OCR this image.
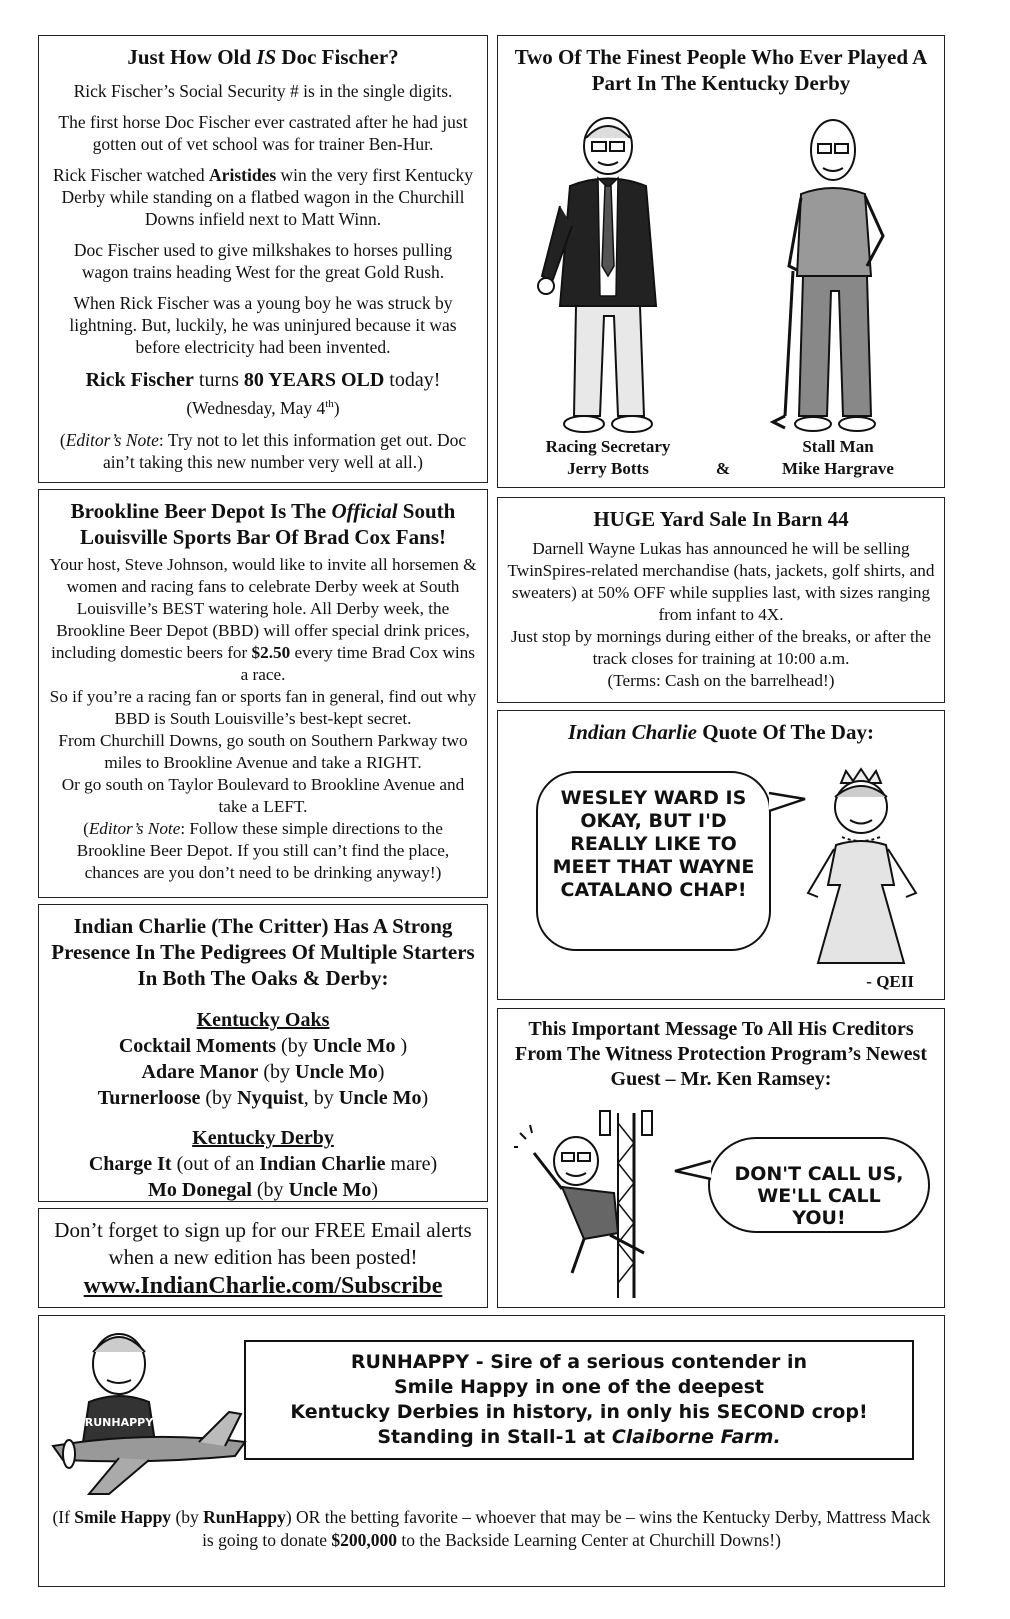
Just How Old IS Doc Fischer?
Rick Fischer’s Social Security # is in the single digits.
The first horse Doc Fischer ever castrated after he had just gotten out of vet school was for trainer Ben-Hur.
Rick Fischer watched Aristides win the very first Kentucky Derby while standing on a flatbed wagon in the Churchill Downs infield next to Matt Winn.
Doc Fischer used to give milkshakes to horses pulling wagon trains heading West for the great Gold Rush.
When Rick Fischer was a young boy he was struck by lightning. But, luckily, he was uninjured because it was before electricity had been invented.
Rick Fischer turns 80 YEARS OLD today!
(Wednesday, May 4th)
(Editor’s Note: Try not to let this information get out. Doc ain’t taking this new number very well at all.)
Two Of The Finest People Who Ever Played A Part In The Kentucky Derby
Racing Secretary
Jerry Botts	&
Stall Man
Mike Hargrave
Brookline Beer Depot Is The Official South Louisville Sports Bar Of Brad Cox Fans!
Your host, Steve Johnson, would like to invite all horsemen & women and racing fans to celebrate Derby week at South Louisville’s BEST watering hole. All Derby week, the Brookline Beer Depot (BBD) will offer special drink prices, including domestic beers for $2.50 every time Brad Cox wins a race.
So if you’re a racing fan or sports fan in general, find out why BBD is South Louisville’s best-kept secret.
From Churchill Downs, go south on Southern Parkway two miles to Brookline Avenue and take a RIGHT.
Or go south on Taylor Boulevard to Brookline Avenue and take a LEFT.
(Editor’s Note: Follow these simple directions to the Brookline Beer Depot. If you still can’t find the place, chances are you don’t need to be drinking anyway!)
HUGE Yard Sale In Barn 44
Darnell Wayne Lukas has announced he will be selling TwinSpires-related merchandise (hats, jackets, golf shirts, and sweaters) at 50% OFF while supplies last, with sizes ranging from infant to 4X.
Just stop by mornings during either of the breaks, or after the track closes for training at 10:00 a.m.
(Terms: Cash on the barrelhead!)
Indian Charlie Quote Of The Day:
WESLEY WARD IS OKAY, BUT I'D REALLY LIKE TO MEET THAT WAYNE CATALANO CHAP!
- QEII
Indian Charlie (The Critter) Has A Strong Presence In The Pedigrees Of Multiple Starters In Both The Oaks & Derby:
Kentucky Oaks
Cocktail Moments (by Uncle Mo )
Adare Manor (by Uncle Mo)
Turnerloose (by Nyquist, by Uncle Mo)
Kentucky Derby
Charge It (out of an Indian Charlie mare)
Mo Donegal (by Uncle Mo)
This Important Message To All His Creditors From The Witness Protection Program’s Newest Guest – Mr. Ken Ramsey:
DON'T CALL US, WE'LL CALL YOU!
Don’t forget to sign up for our FREE Email alerts when a new edition has been posted!
www.IndianCharlie.com/Subscribe
RUNHAPPY
RUNHAPPY - Sire of a serious contender in
Smile Happy in one of the deepest
Kentucky Derbies in history, in only his SECOND crop!
Standing in Stall-1 at Claiborne Farm.
(If Smile Happy (by RunHappy) OR the betting favorite – whoever that may be – wins the Kentucky Derby, Mattress Mack is going to donate $200,000 to the Backside Learning Center at Churchill Downs!)
